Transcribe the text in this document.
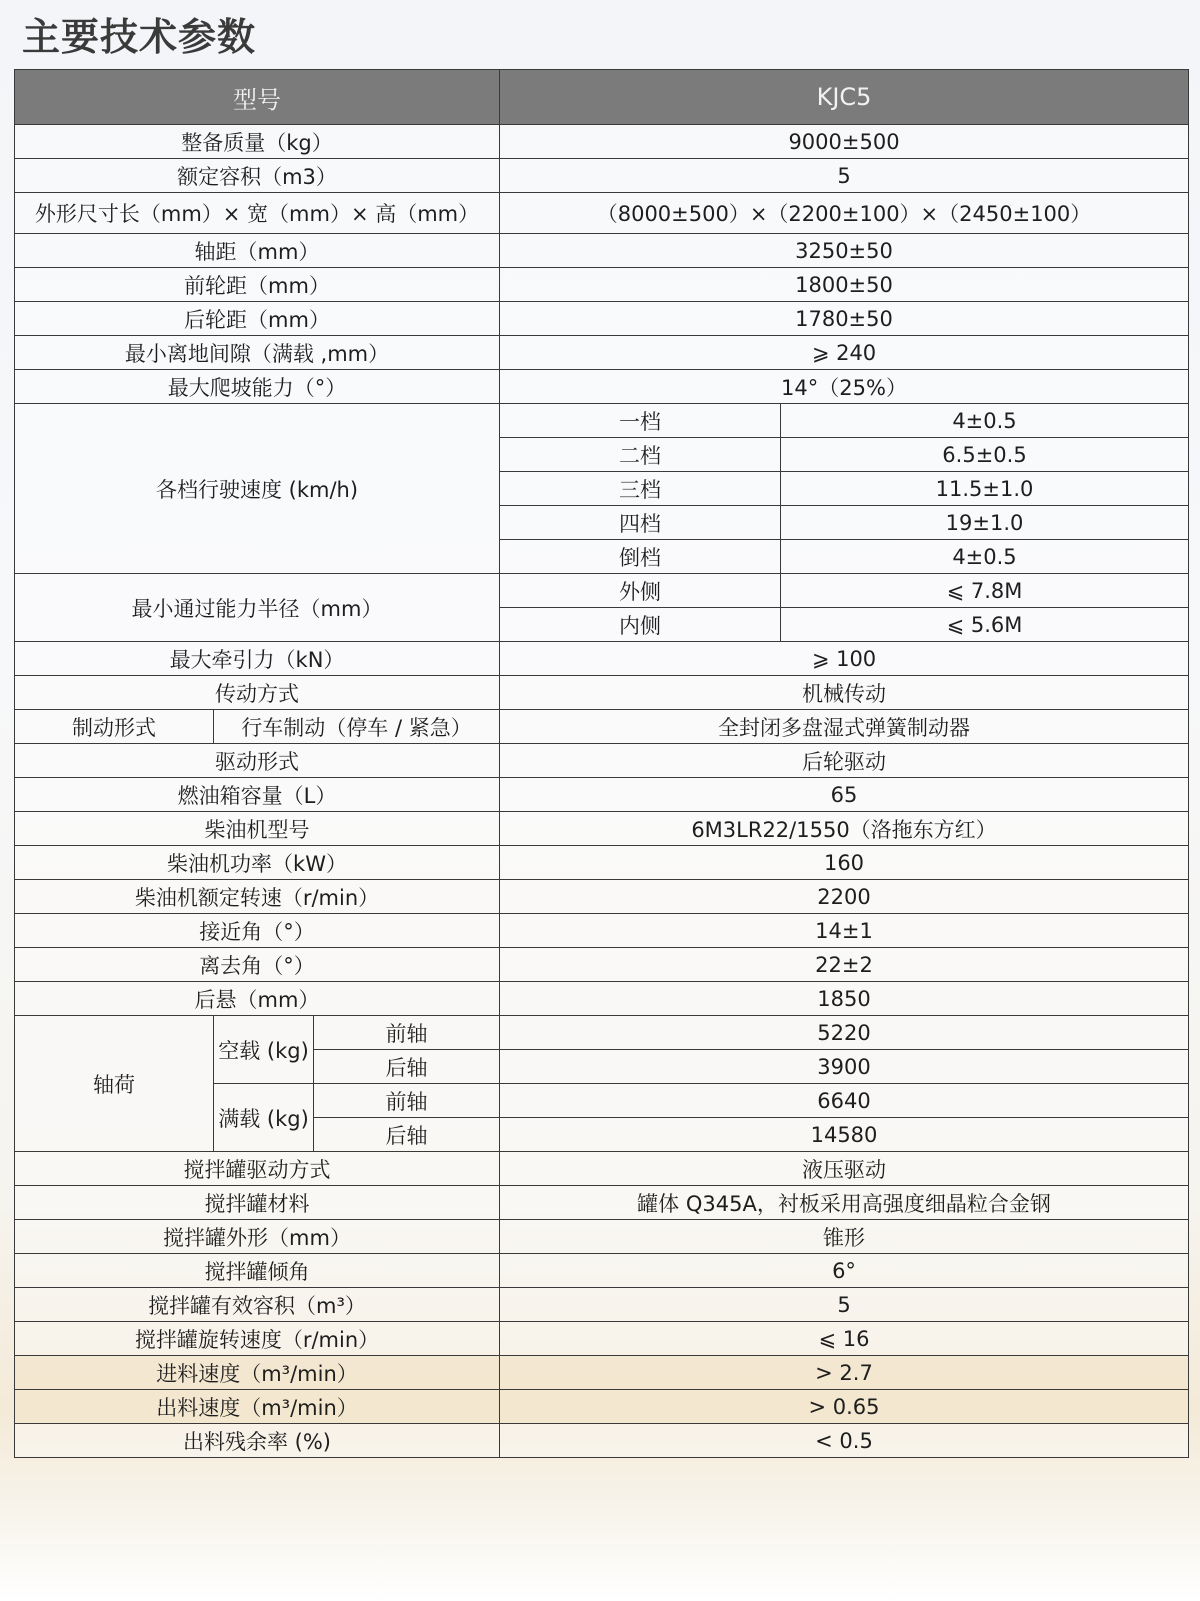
主要技术参数
型号			KJC5	
整备质量（kg）			9000±500	
额定容积（m3）			5	
外形尺寸长（mm）× 宽（mm）× 高（mm）			（8000±500）×（2200±100）×（2450±100）	
轴距（mm）			3250±50	
前轮距（mm）			1800±50	
后轮距（mm）			1780±50	
最小离地间隙（满载 ,mm）			⩾ 240	
最大爬坡能力（°）			14°（25%）	
各档行驶速度 (km/h)			一档	4±0.5
			二档	6.5±0.5
			三档	11.5±1.0
			四档	19±1.0
			倒档	4±0.5
最小通过能力半径（mm）			外侧	⩽ 7.8M
			内侧	⩽ 5.6M
最大牵引力（kN）			⩾ 100	
传动方式			机械传动	
制动形式	行车制动（停车 / 紧急）		全封闭多盘湿式弹簧制动器	
驱动形式			后轮驱动	
燃油箱容量（L）			65	
柴油机型号			6M3LR22/1550（洛拖东方红）	
柴油机功率（kW）			160	
柴油机额定转速（r/min）			2200	
接近角（°）			14±1	
离去角（°）			22±2	
后悬（mm）			1850	
轴荷	空载 (kg)	前轴	5220	
		后轴	3900	
	满载 (kg)	前轴	6640	
		后轴	14580	
搅拌罐驱动方式			液压驱动	
搅拌罐材料			罐体 Q345A，衬板采用高强度细晶粒合金钢	
搅拌罐外形（mm）			锥形	
搅拌罐倾角			6°	
搅拌罐有效容积（m³）			5	
搅拌罐旋转速度（r/min）			⩽ 16	
进料速度（m³/min）			> 2.7	
出料速度（m³/min）			> 0.65	
出料残余率 (%)			< 0.5	
